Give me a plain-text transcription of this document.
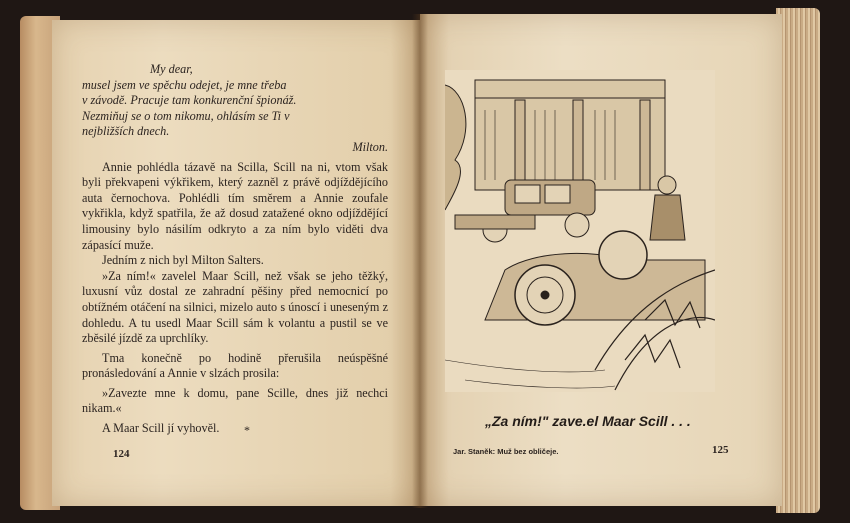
My dear,

musel jsem ve spěchu odejet, je mne třeba

v závodě. Pracuje tam konkurenční špionáž.

Nezmiňuj se o tom nikomu, ohlásím se Ti v

nejbližších dnech.

Milton.

Annie pohlédla tázavě na Scilla, Scill na ni, vtom však byli překvapeni výkřikem, který zazněl z právě odjíždějícího auta černochova. Pohlédli tím směrem a Annie zoufale vykřikla, když spatřila, že až dosud zatažené okno odjíždějící limousiny bylo násilím odkryto a za ním bylo viděti dva zápasící muže.

Jedním z nich byl Milton Salters.

»Za ním!« zavelel Maar Scill, než však se jeho těžký, luxusní vůz dostal ze zahradní pěšiny před nemocnicí po obtížném otáčení na silnici, mizelo auto s únoscí i uneseným z dohledu. A tu usedl Maar Scill sám k volantu a pustil se ve zběsilé jízdě za uprchlíky.

Tma konečně po hodině přerušila neúspěšné pronásledování a Annie v slzách prosila:

»Zavezte mne k domu, pane Scille, dnes již nechci nikam.«

A Maar Scill jí vyhověl.	*
124
„Za ním!" zave.el Maar Scill . . .
Jar. Staněk: Muž bez obličeje.	125
